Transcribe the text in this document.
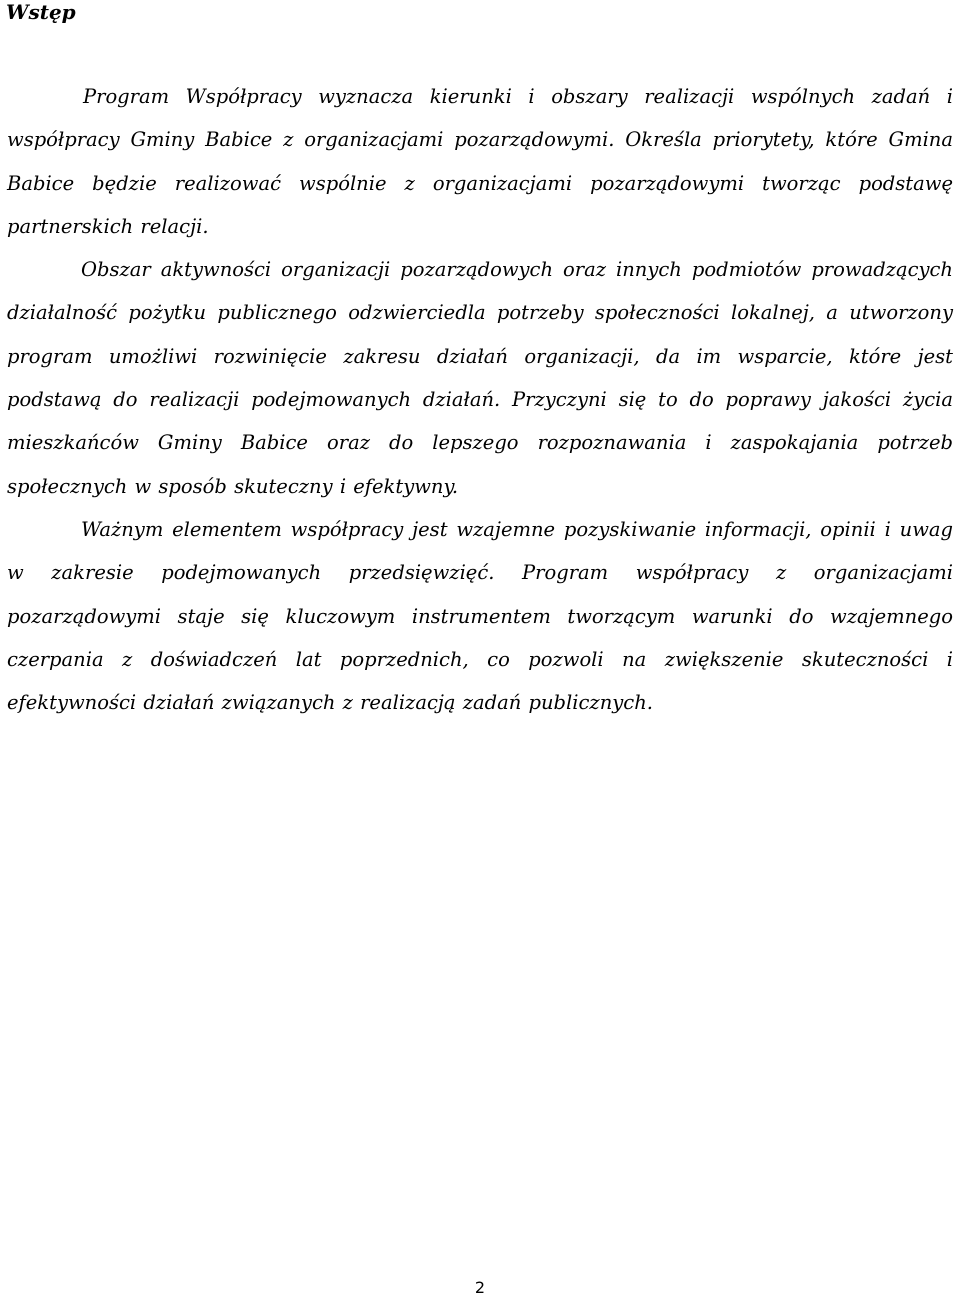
Wstęp

Program Współpracy wyznacza kierunki i obszary realizacji wspólnych zadań i współpracy Gminy Babice z organizacjami pozarządowymi. Określa priorytety, które Gmina Babice będzie realizować wspólnie z organizacjami pozarządowymi tworząc podstawę partnerskich relacji.

Obszar aktywności organizacji pozarządowych oraz innych podmiotów prowadzących działalność pożytku publicznego odzwierciedla potrzeby społeczności lokalnej, a utworzony program umożliwi rozwinięcie zakresu działań organizacji, da im wsparcie, które jest podstawą do realizacji podejmowanych działań. Przyczyni się to do poprawy jakości życia mieszkańców Gminy Babice oraz do lepszego rozpoznawania i zaspokajania potrzeb społecznych w sposób skuteczny i efektywny.

Ważnym elementem współpracy jest wzajemne pozyskiwanie informacji, opinii i uwag w zakresie podejmowanych przedsięwzięć. Program współpracy z organizacjami pozarządowymi staje się kluczowym instrumentem tworzącym warunki do wzajemnego czerpania z doświadczeń lat poprzednich, co pozwoli na zwiększenie skuteczności i efektywności działań związanych z realizacją zadań publicznych.

2
